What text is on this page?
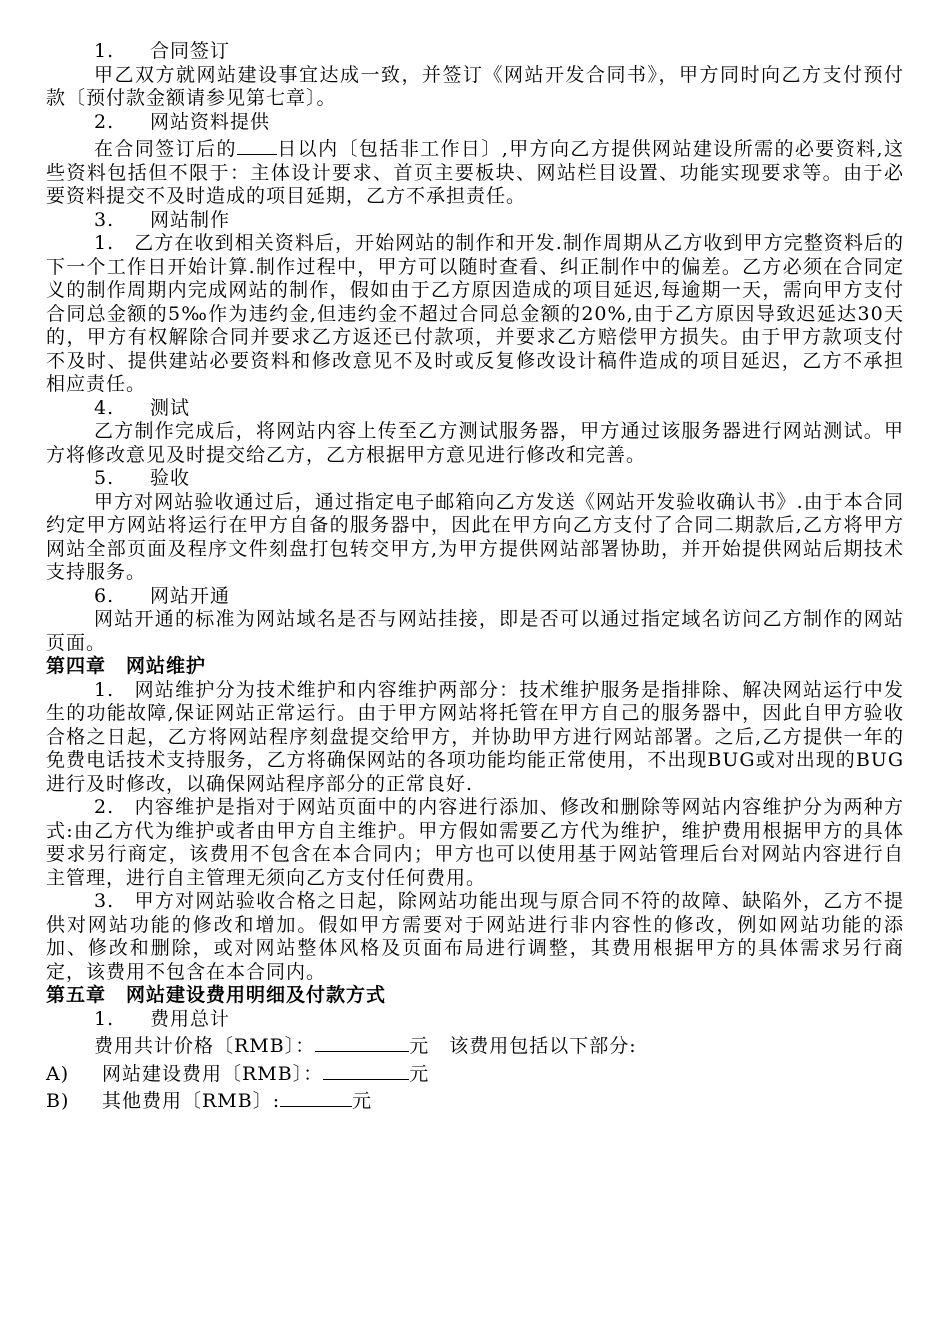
1. 合同签订
甲乙双方就网站建设事宜达成一致，并签订《网站开发合同书》，甲方同时向乙方支付预付款〔预付款金额请参见第七章〕。
2. 网站资料提供
在合同签订后的 日以内〔包括非工作日〕,甲方向乙方提供网站建设所需的必要资料,这些资料包括但不限于：主体设计要求、首页主要板块、网站栏目设置、功能实现要求等。由于必要资料提交不及时造成的项目延期，乙方不承担责任。
3. 网站制作
1.　乙方在收到相关资料后，开始网站的制作和开发.制作周期从乙方收到甲方完整资料后的下一个工作日开始计算.制作过程中，甲方可以随时查看、纠正制作中的偏差。乙方必须在合同定义的制作周期内完成网站的制作，假如由于乙方原因造成的项目延迟,每逾期一天，需向甲方支付合同总金额的5‰作为违约金,但违约金不超过合同总金额的20%,由于乙方原因导致迟延达30天的，甲方有权解除合同并要求乙方返还已付款项，并要求乙方赔偿甲方损失。由于甲方款项支付不及时、提供建站必要资料和修改意见不及时或反复修改设计稿件造成的项目延迟，乙方不承担相应责任。
4. 测试
乙方制作完成后，将网站内容上传至乙方测试服务器，甲方通过该服务器进行网站测试。甲方将修改意见及时提交给乙方，乙方根据甲方意见进行修改和完善。
5. 验收
甲方对网站验收通过后，通过指定电子邮箱向乙方发送《网站开发验收确认书》.由于本合同约定甲方网站将运行在甲方自备的服务器中，因此在甲方向乙方支付了合同二期款后,乙方将甲方网站全部页面及程序文件刻盘打包转交甲方,为甲方提供网站部署协助，并开始提供网站后期技术支持服务。
6. 网站开通
网站开通的标准为网站域名是否与网站挂接，即是否可以通过指定域名访问乙方制作的网站页面。
第四章　网站维护
1.　网站维护分为技术维护和内容维护两部分：技术维护服务是指排除、解决网站运行中发生的功能故障,保证网站正常运行。由于甲方网站将托管在甲方自己的服务器中，因此自甲方验收合格之日起，乙方将网站程序刻盘提交给甲方，并协助甲方进行网站部署。之后,乙方提供一年的免费电话技术支持服务，乙方将确保网站的各项功能均能正常使用，不出现BUG或对出现的BUG进行及时修改，以确保网站程序部分的正常良好.
2.　内容维护是指对于网站页面中的内容进行添加、修改和删除等网站内容维护分为两种方式:由乙方代为维护或者由甲方自主维护。甲方假如需要乙方代为维护，维护费用根据甲方的具体要求另行商定，该费用不包含在本合同内；甲方也可以使用基于网站管理后台对网站内容进行自主管理，进行自主管理无须向乙方支付任何费用。
3.　甲方对网站验收合格之日起，除网站功能出现与原合同不符的故障、缺陷外，乙方不提供对网站功能的修改和增加。假如甲方需要对于网站进行非内容性的修改，例如网站功能的添加、修改和删除，或对网站整体风格及页面布局进行调整，其费用根据甲方的具体需求另行商定，该费用不包含在本合同内。
第五章　网站建设费用明细及付款方式
1. 费用总计
费用共计价格〔RMB〕：	元　该费用包括以下部分:
A) 网站建设费用〔RMB〕：	元
B) 其他费用〔RMB〕:	元
